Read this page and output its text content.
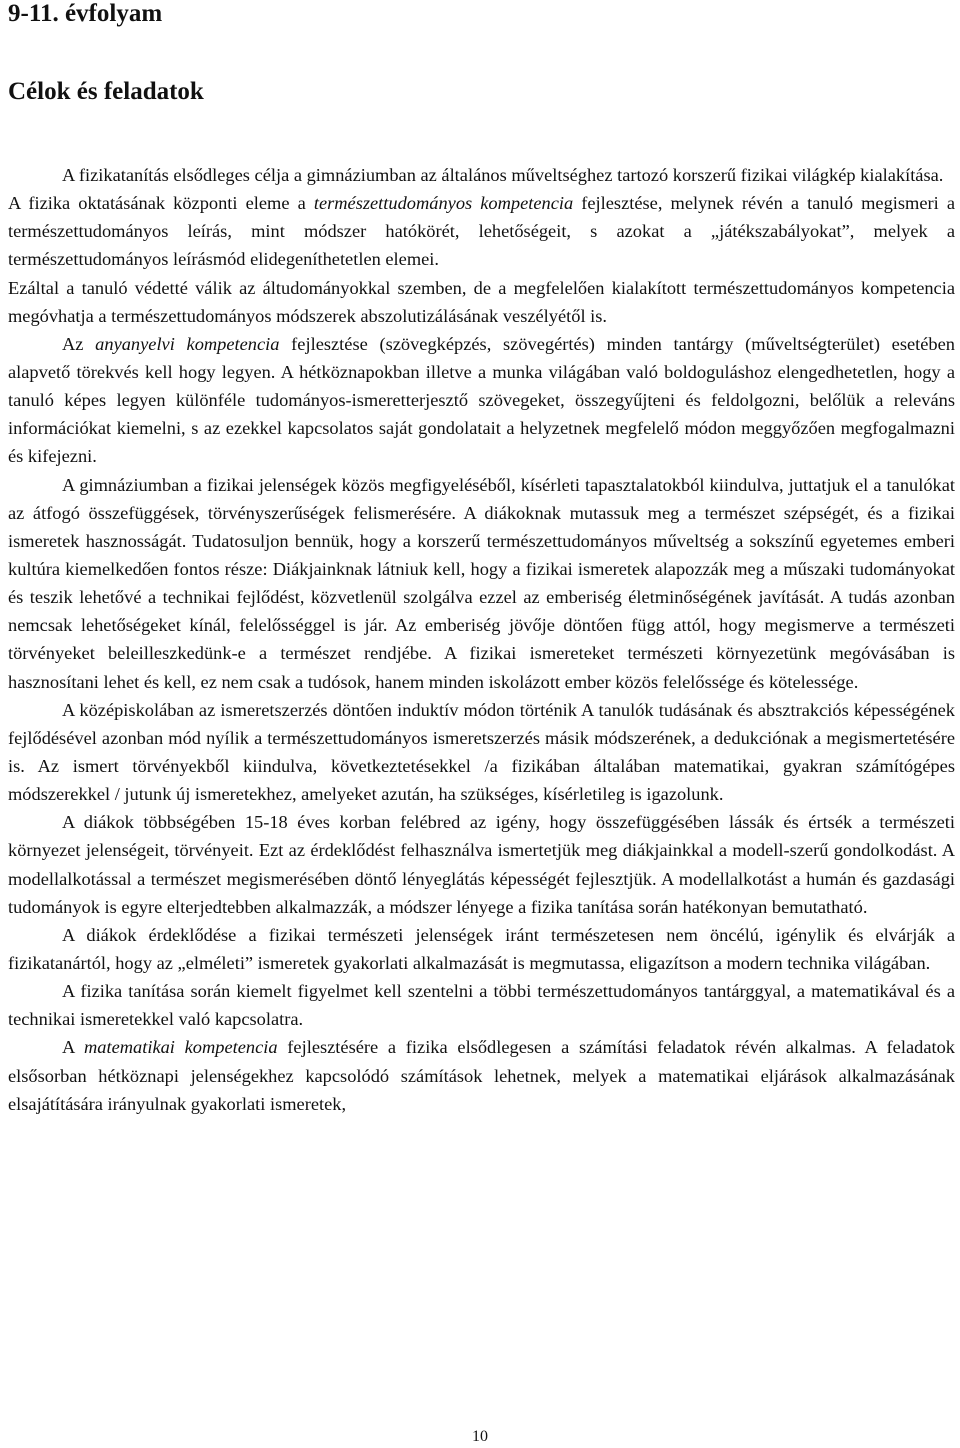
9-11. évfolyam
Célok és feladatok

A fizikatanítás elsődleges célja a gimnáziumban az általános műveltséghez tartozó korszerű fizikai világkép kialakítása.

A fizika oktatásának központi eleme a természettudományos kompetencia fejlesztése, melynek révén a tanuló megismeri a természettudományos leírás, mint módszer hatókörét, lehetőségeit, s azokat a „játékszabályokat”, melyek a természettudományos leírásmód elidegeníthetetlen elemei.

Ezáltal a tanuló védetté válik az áltudományokkal szemben, de a megfelelően kialakított természettudományos kompetencia megóvhatja a természettudományos módszerek abszolutizálásának veszélyétől is.

Az anyanyelvi kompetencia fejlesztése (szövegképzés, szövegértés) minden tantárgy (műveltségterület) esetében alapvető törekvés kell hogy legyen. A hétköznapokban illetve a munka világában való boldoguláshoz elengedhetetlen, hogy a tanuló képes legyen különféle tudományos-ismeretterjesztő szövegeket, összegyűjteni és feldolgozni, belőlük a releváns információkat kiemelni, s az ezekkel kapcsolatos saját gondolatait a helyzetnek megfelelő módon meggyőzően megfogalmazni és kifejezni.

A gimnáziumban a fizikai jelenségek közös megfigyeléséből, kísérleti tapasztalatokból kiindulva, juttatjuk el a tanulókat az átfogó összefüggések, törvényszerűségek felismerésére. A diákoknak mutassuk meg a természet szépségét, és a fizikai ismeretek hasznosságát. Tudatosuljon bennük, hogy a korszerű természettudományos műveltség a sokszínű egyetemes emberi kultúra kiemelkedően fontos része: Diákjainknak látniuk kell, hogy a fizikai ismeretek alapozzák meg a műszaki tudományokat és teszik lehetővé a technikai fejlődést, közvetlenül szolgálva ezzel az emberiség életminőségének javítását. A tudás azonban nemcsak lehetőségeket kínál, felelősséggel is jár. Az emberiség jövője döntően függ attól, hogy megismerve a természeti törvényeket beleilleszkedünk-e a természet rendjébe. A fizikai ismereteket természeti környezetünk megóvásában is hasznosítani lehet és kell, ez nem csak a tudósok, hanem minden iskolázott ember közös felelőssége és kötelessége.

A középiskolában az ismeretszerzés döntően induktív módon történik A tanulók tudásának és absztrakciós képességének fejlődésével azonban mód nyílik a természettudományos ismeretszerzés másik módszerének, a dedukciónak a megismertetésére is. Az ismert törvényekből kiindulva, következtetésekkel /a fizikában általában matematikai, gyakran számítógépes módszerekkel / jutunk új ismeretekhez, amelyeket azután, ha szükséges, kísérletileg is igazolunk.

A diákok többségében 15-18 éves korban felébred az igény, hogy összefüggésében lássák és értsék a természeti környezet jelenségeit, törvényeit. Ezt az érdeklődést felhasználva ismertetjük meg diákjainkkal a modell-szerű gondolkodást. A modellalkotással a természet megismerésében döntő lényeglátás képességét fejlesztjük. A modellalkotást a humán és gazdasági tudományok is egyre elterjedtebben alkalmazzák, a módszer lényege a fizika tanítása során hatékonyan bemutatható.

A diákok érdeklődése a fizikai természeti jelenségek iránt természetesen nem öncélú, igénylik és elvárják a fizikatanártól, hogy az „elméleti” ismeretek gyakorlati alkalmazását is megmutassa, eligazítson a modern technika világában.

A fizika tanítása során kiemelt figyelmet kell szentelni a többi természettudományos tantárggyal, a matematikával és a technikai ismeretekkel való kapcsolatra.

A matematikai kompetencia fejlesztésére a fizika elsődlegesen a számítási feladatok révén alkalmas. A feladatok elsősorban hétköznapi jelenségekhez kapcsolódó számítások lehetnek, melyek a matematikai eljárások alkalmazásának elsajátítására irányulnak gyakorlati ismeretek,

10
